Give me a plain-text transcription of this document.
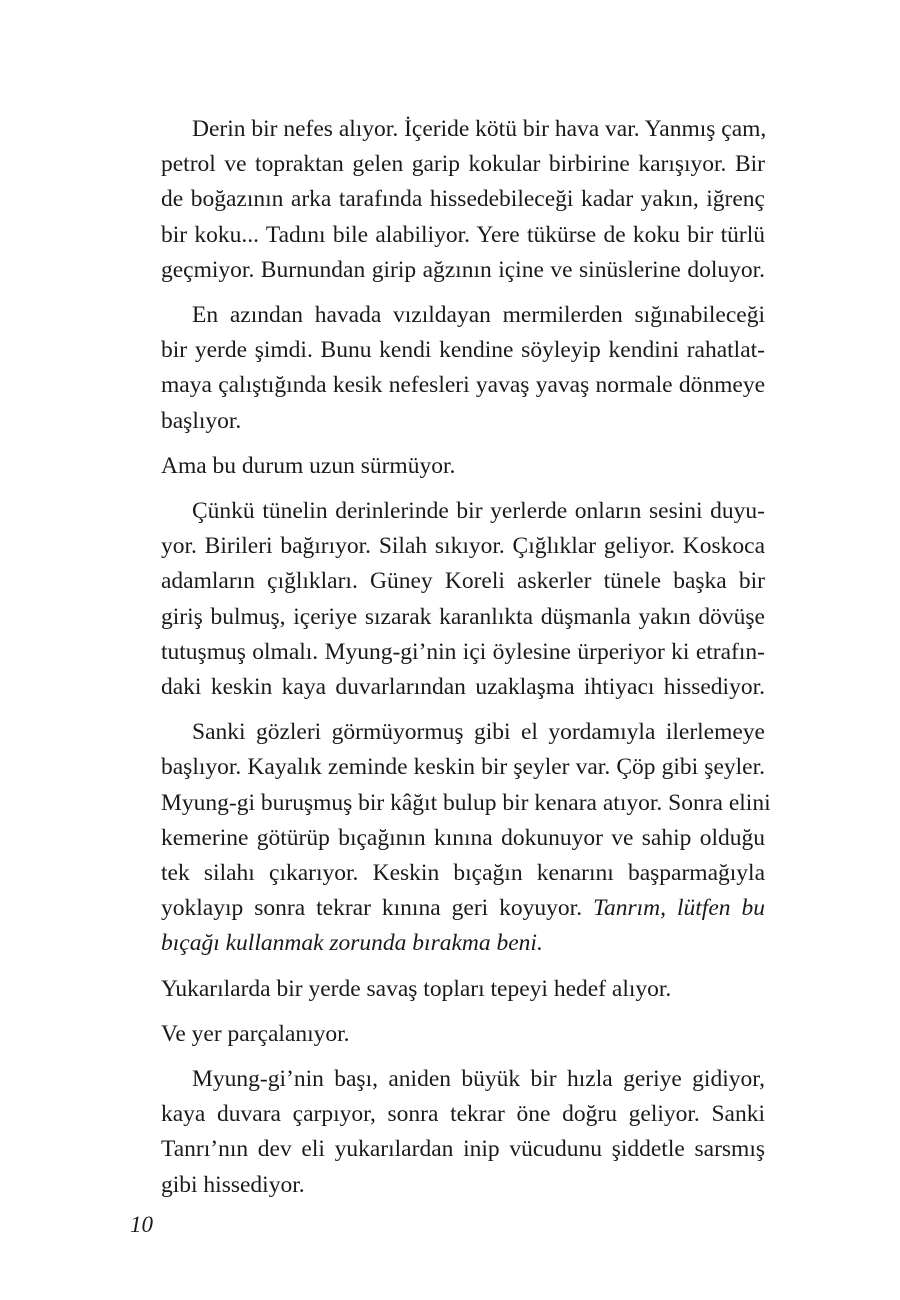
Derin bir nefes alıyor. İçeride kötü bir hava var. Yanmış çam,
petrol ve topraktan gelen garip kokular birbirine karışıyor. Bir
de boğazının arka tarafında hissedebileceği kadar yakın, iğrenç
bir koku... Tadını bile alabiliyor. Yere tükürse de koku bir türlü
geçmiyor. Burnundan girip ağzının içine ve sinüslerine doluyor.
En azından havada vızıldayan mermilerden sığınabileceği
bir yerde şimdi. Bunu kendi kendine söyleyip kendini rahatlat-
maya çalıştığında kesik nefesleri yavaş yavaş normale dönmeye
başlıyor.
Ama bu durum uzun sürmüyor.
Çünkü tünelin derinlerinde bir yerlerde onların sesini duyu-
yor. Birileri bağırıyor. Silah sıkıyor. Çığlıklar geliyor. Koskoca
adamların çığlıkları. Güney Koreli askerler tünele başka bir
giriş bulmuş, içeriye sızarak karanlıkta düşmanla yakın dövüşe
tutuşmuş olmalı. Myung-gi’nin içi öylesine ürperiyor ki etrafın-
daki keskin kaya duvarlarından uzaklaşma ihtiyacı hissediyor.
Sanki gözleri görmüyormuş gibi el yordamıyla ilerlemeye
başlıyor. Kayalık zeminde keskin bir şeyler var. Çöp gibi şeyler.
Myung-gi buruşmuş bir kâğıt bulup bir kenara atıyor. Sonra elini
kemerine götürüp bıçağının kınına dokunuyor ve sahip olduğu
tek silahı çıkarıyor. Keskin bıçağın kenarını başparmağıyla
yoklayıp sonra tekrar kınına geri koyuyor. Tanrım, lütfen bu
bıçağı kullanmak zorunda bırakma beni.
Yukarılarda bir yerde savaş topları tepeyi hedef alıyor.
Ve yer parçalanıyor.
Myung-gi’nin başı, aniden büyük bir hızla geriye gidiyor,
kaya duvara çarpıyor, sonra tekrar öne doğru geliyor. Sanki
Tanrı’nın dev eli yukarılardan inip vücudunu şiddetle sarsmış
gibi hissediyor.
10
